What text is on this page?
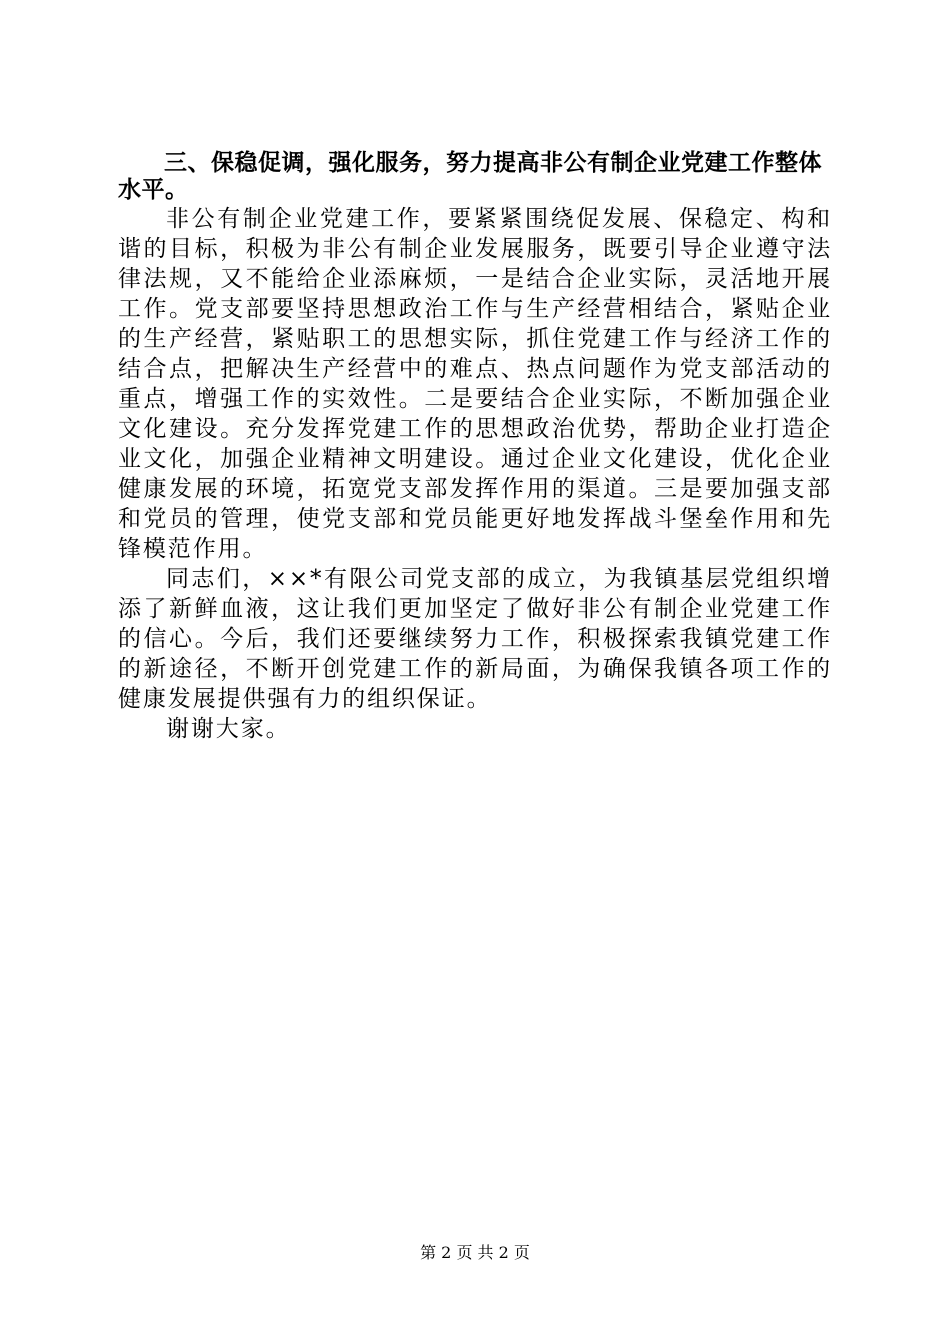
三、保稳促调，强化服务，努力提高非公有制企业党建工作整体水平。

非公有制企业党建工作，要紧紧围绕促发展、保稳定、构和谐的目标，积极为非公有制企业发展服务，既要引导企业遵守法律法规，又不能给企业添麻烦，一是结合企业实际，灵活地开展工作。党支部要坚持思想政治工作与生产经营相结合，紧贴企业的生产经营，紧贴职工的思想实际，抓住党建工作与经济工作的结合点，把解决生产经营中的难点、热点问题作为党支部活动的重点，增强工作的实效性。二是要结合企业实际，不断加强企业文化建设。充分发挥党建工作的思想政治优势，帮助企业打造企业文化，加强企业精神文明建设。通过企业文化建设，优化企业健康发展的环境，拓宽党支部发挥作用的渠道。三是要加强支部和党员的管理，使党支部和党员能更好地发挥战斗堡垒作用和先锋模范作用。

同志们，××*有限公司党支部的成立，为我镇基层党组织增添了新鲜血液，这让我们更加坚定了做好非公有制企业党建工作的信心。今后，我们还要继续努力工作，积极探索我镇党建工作的新途径，不断开创党建工作的新局面，为确保我镇各项工作的健康发展提供强有力的组织保证。

谢谢大家。

第 2 页 共 2 页
